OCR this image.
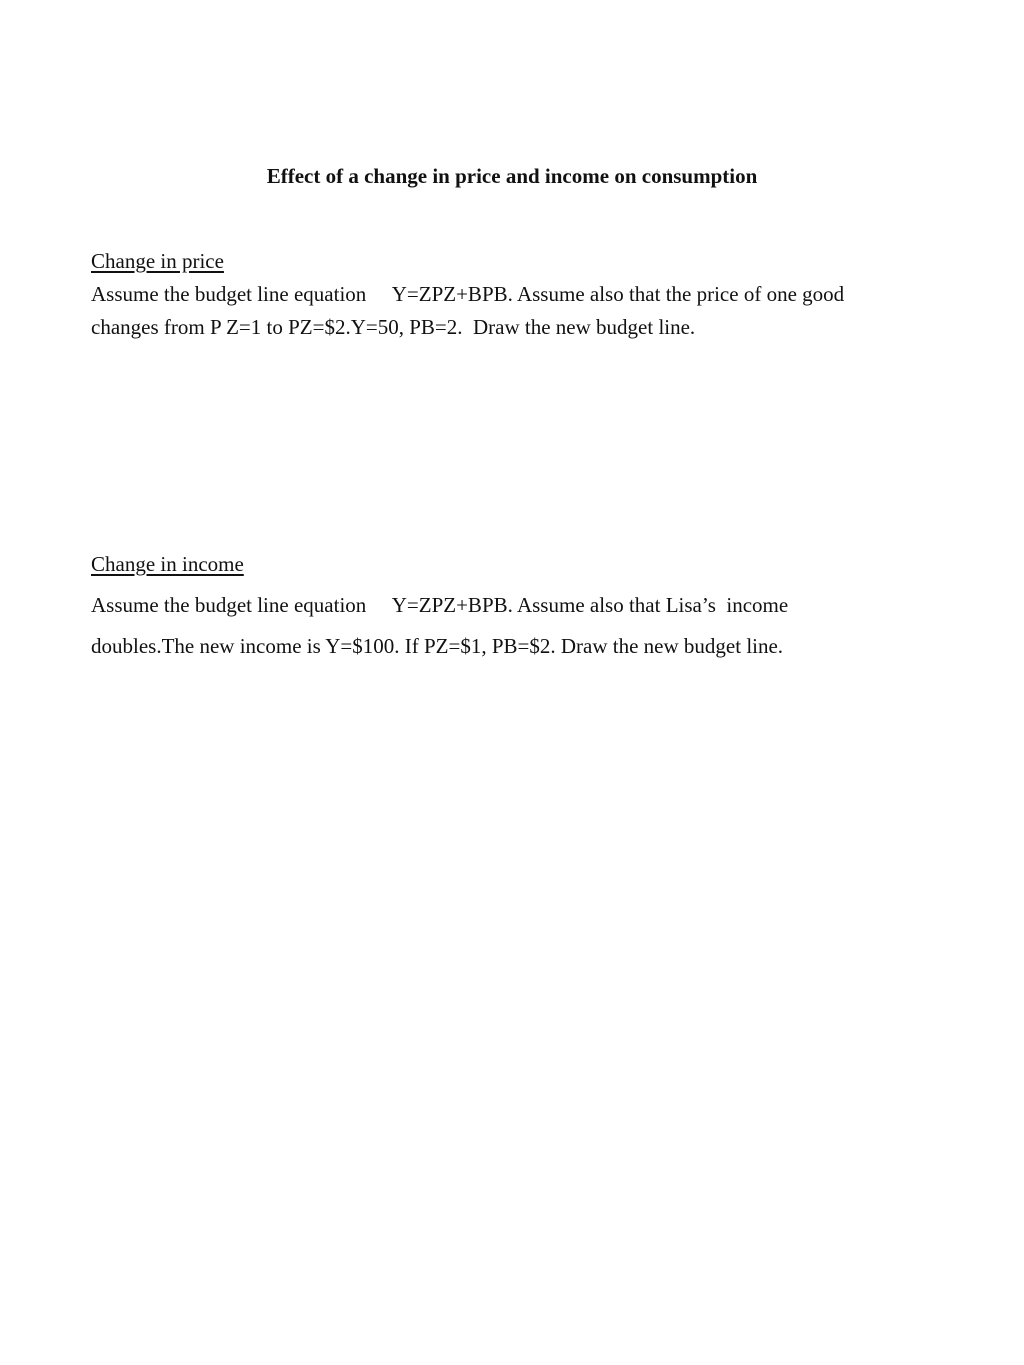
Effect of a change in price and income on consumption

Change in price

Assume the budget line equation     Y=ZPZ+BPB. Assume also that the price of one good

changes from P Z=1 to PZ=$2.Y=50, PB=2.  Draw the new budget line.

Change in income

Assume the budget line equation     Y=ZPZ+BPB. Assume also that Lisa’s  income

doubles.The new income is Y=$100. If PZ=$1, PB=$2. Draw the new budget line.
